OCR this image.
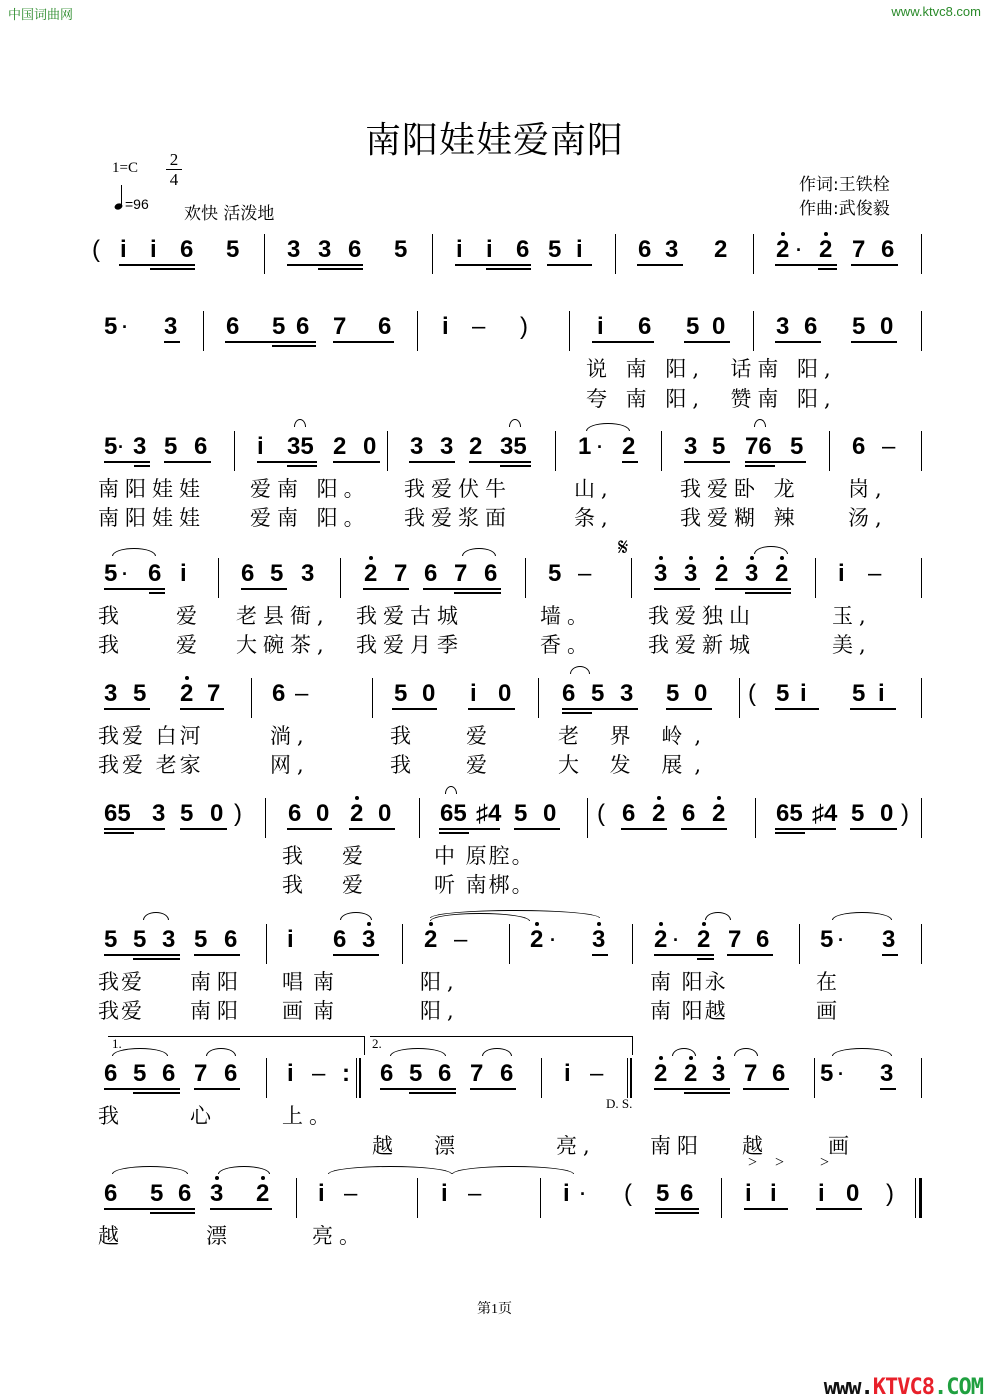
中国词曲网	www.ktvc8.com
南阳娃娃爱南阳
1=C	2
4
=96 欢快 活泼地
作词:王铁栓
作曲:武俊毅
( i i 6 5 3 3 6 5 i i 6 5 i 6 3 2 2 · 2 7 6
5 · 3 6 5 6 7 6 i – )	i 6 5 0 3 6 5 0
说 南 阳,  话南 阳,
夸 南 阳,  赞南 阳,
5 · 3 5 6 i 35 2 0 3 3 2 35 1 · 2 3 5 76 5 6 –
南阳娃娃 爱南 阳。 我爱伏牛	山,	我爱卧 龙 岗,
南阳娃娃 爱南 阳。 我爱浆面	条,	我爱糊 辣 汤,
5 · 6 i 6 5 3 2 7 6 7 6 5 –
𝄋
3 3 2 3 2 i –
我 爱 老县衙, 我爱古城	墙。	我爱独山	玉,
我 爱 大碗茶, 我爱月季	香。	我爱新城	美,
3 5 2 7 6 –	5 0 i 0 6 5 3 5 0 ( 5 i 5 i
我爱 白河	淌,	我 爱	老 界 岭,
我爱 老家	网,	我 爱	大 发 展,
65 3 5 0 ) 6 0 2 0 65 ♯4 5 0 ( 6 2 6 2 65 ♯4 5 0 )
我 爱	中 原腔。
我 爱	听 南梆。
5 5 3 5 6 i 6 3 2 –	2 · 3 2 · 2 7 6 5 · 3
我爱 南阳 唱南	阳,	南 阳永	在
我爱 南阳 画南	阳,	南 阳越	画
1.	2.
6 5 6 7 6 i – : 6 5 6 7 6 i –
D. S.
2 2 3 7 6 5 · 3
我	心	上。
越 漂	亮,	南阳 越	画
6 5 6 3 2 i –	i –	i · ( 5 6
> > >
i i i 0 )
越	漂	亮。
第1页
www.KTVC8.COM
